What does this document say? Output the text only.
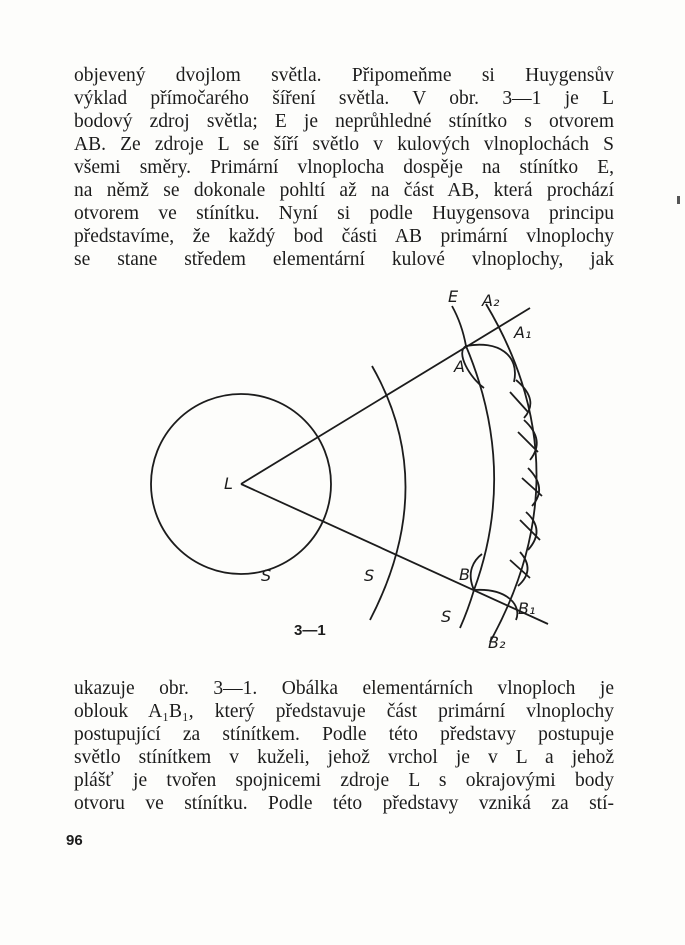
objevený dvojlom světla. Připomeňme si Huygensův
výklad přímočarého šíření světla. V obr. 3—1 je L
bodový zdroj světla; E je neprůhledné stínítko s otvorem
AB. Ze zdroje L se šíří světlo v kulových vlnoplochách S
všemi směry. Primární vlnoplocha dospěje na stínítko E,
na němž se dokonale pohltí až na část AB, která prochází
otvorem ve stínítku. Nyní si podle Huygensova principu
představíme, že každý bod části AB primární vlnoplochy
se stane středem elementární kulové vlnoplochy, jak
L
S	S
S
E
A
B
A₁
A₂
B₁
B₂
3—1
ukazuje obr. 3—1. Obálka elementárních vlnoploch je
oblouk A₁B₁, který představuje část primární vlnoplochy
postupující za stínítkem. Podle této představy postupuje
světlo stínítkem v kuželi, jehož vrchol je v L a jehož
plášť je tvořen spojnicemi zdroje L s okrajovými body
otvoru ve stínítku. Podle této představy vzniká za stí-
96
